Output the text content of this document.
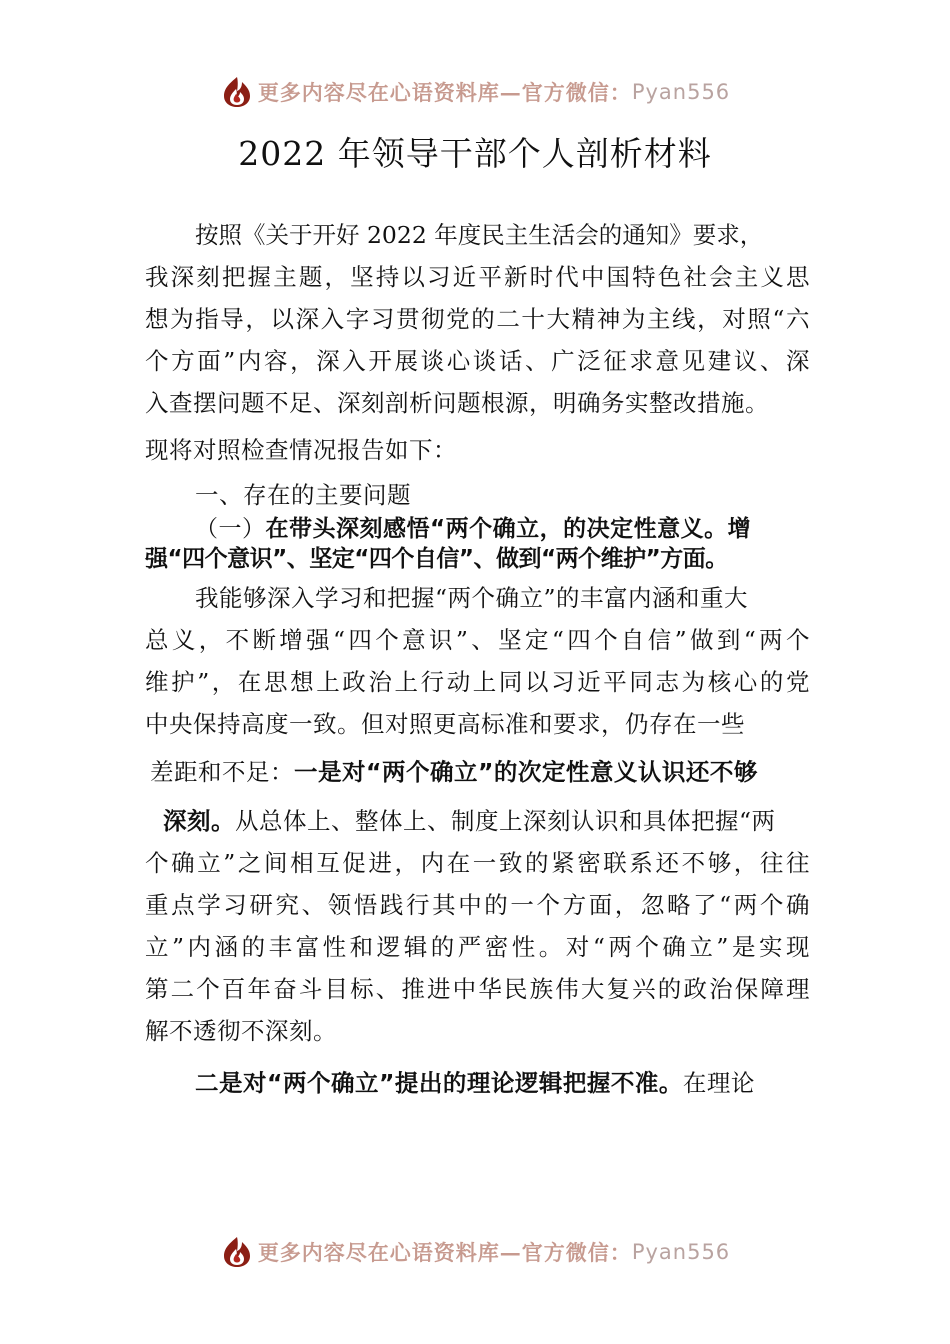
更多内容尽在心语资料库—官方微信： Pyan556
2022 年领导干部个人剖析材料
按照《关于开好 2022 年度民主生活会的通知》要求，
我深刻把握主题，坚持以习近平新时代中国特色社会主义思
想为指导，以深入字习贯彻党的二十大精神为主线，对照“六
个方面”内容，深入开展谈心谈话、广泛征求意见建议、深
入查摆问题不足、深刻剖析问题根源，明确务实整改措施。
现将对照检查情况报告如下：
一、存在的主要问题
（一）在带头深刻感悟“两个确立，的决定性意义。增
强“四个意识”、坚定“四个自信”、做到“两个维护”方面。
我能够深入学习和把握“两个确立”的丰富内涵和重大
总义，不断增强“四个意识”、坚定“四个自信”做到“两个
维护”，在思想上政治上行动上同以习近平同志为核心的党
中央保持高度一致。但对照更高标准和要求，仍存在一些
差距和不足：一是对“两个确立”的次定性意义认识还不够
深刻。从总体上、整体上、制度上深刻认识和具体把握“两
个确立”之间相互促进，内在一致的紧密联系还不够，往往
重点学习研究、领悟践行其中的一个方面，忽略了“两个确
立”内涵的丰富性和逻辑的严密性。对“两个确立”是实现
第二个百年奋斗目标、推进中华民族伟大复兴的政治保障理
解不透彻不深刻。
二是对“两个确立”提出的理论逻辑把握不准。在理论
更多内容尽在心语资料库—官方微信： Pyan556
